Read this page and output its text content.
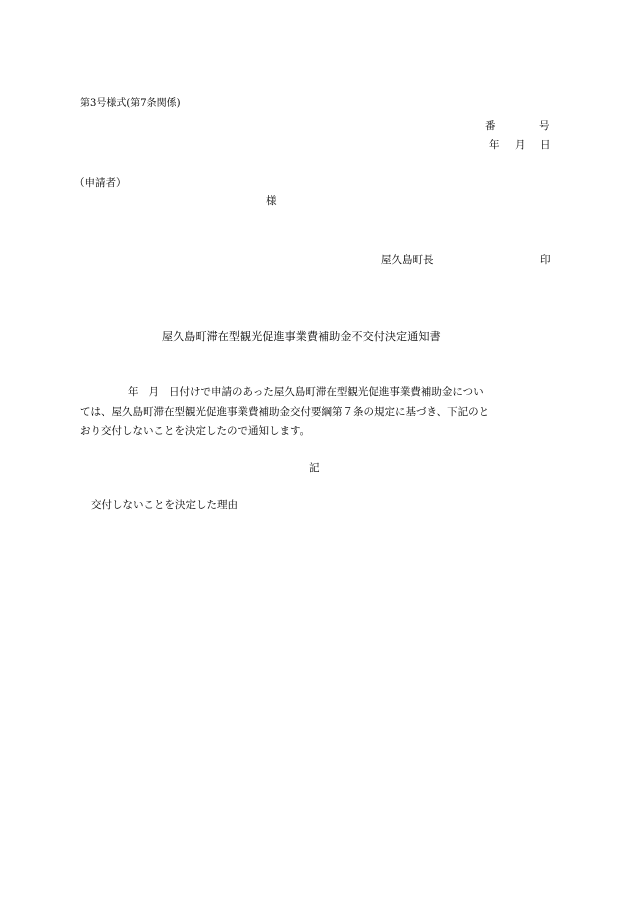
第3号様式(第7条関係)

番	号

年 月 日

（申請者）

様

屋久島町長	印

屋久島町滞在型観光促進事業費補助金不交付決定通知書

年 月 日付けで申請のあった屋久島町滞在型観光促進事業費補助金につい
ては、屋久島町滞在型観光促進事業費補助金交付要綱第７条の規定に基づき、下記のと
おり交付しないことを決定したので通知します。

記

交付しないことを決定した理由
